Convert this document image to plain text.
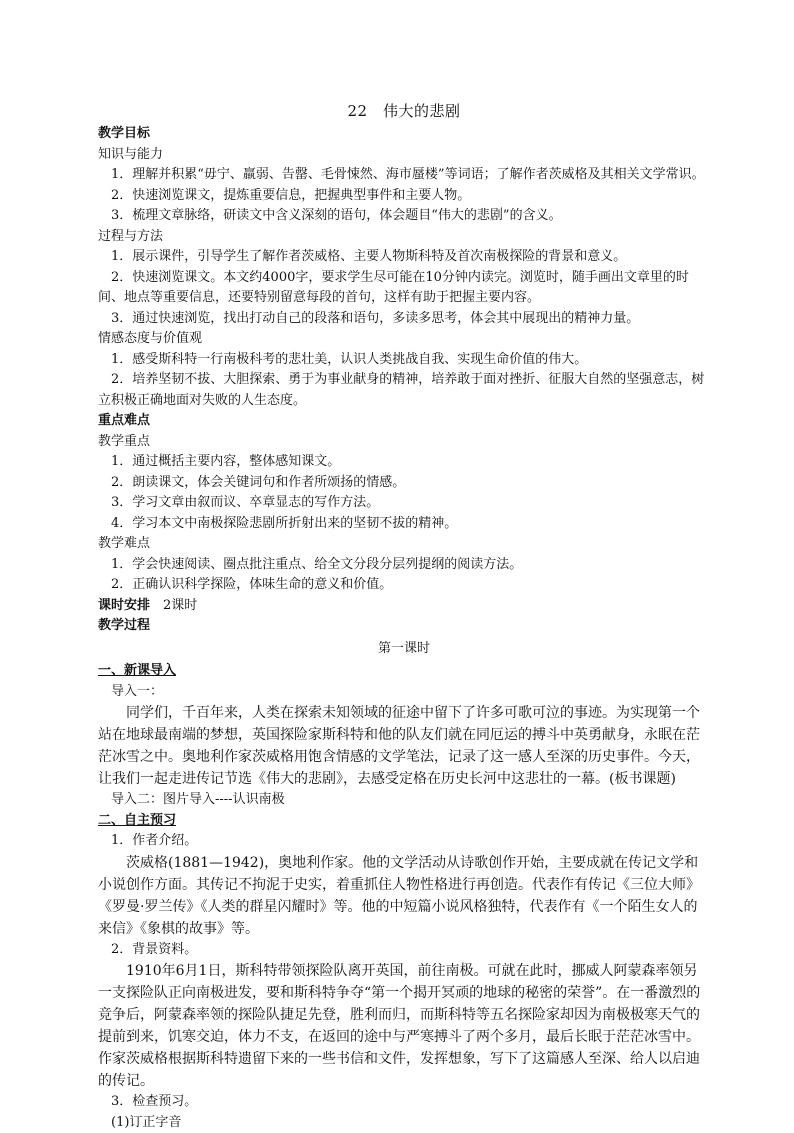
22　伟大的悲剧
教学目标
知识与能力
1．理解并积累“毋宁、羸弱、告罄、毛骨悚然、海市蜃楼”等词语；了解作者茨威格及其相关文学常识。
2．快速浏览课文，提炼重要信息，把握典型事件和主要人物。
3．梳理文章脉络，研读文中含义深刻的语句，体会题目“伟大的悲剧”的含义。
过程与方法
1．展示课件，引导学生了解作者茨威格、主要人物斯科特及首次南极探险的背景和意义。
2．快速浏览课文。本文约4000字，要求学生尽可能在10分钟内读完。浏览时，随手画出文章里的时间、地点等重要信息，还要特别留意每段的首句，这样有助于把握主要内容。
3．通过快速浏览，找出打动自己的段落和语句，多读多思考，体会其中展现出的精神力量。
情感态度与价值观
1．感受斯科特一行南极科考的悲壮美，认识人类挑战自我、实现生命价值的伟大。
2．培养坚韧不拔、大胆探索、勇于为事业献身的精神，培养敢于面对挫折、征服大自然的坚强意志，树立积极正确地面对失败的人生态度。
重点难点
教学重点
1．通过概括主要内容，整体感知课文。
2．朗读课文，体会关键词句和作者所颂扬的情感。
3．学习文章由叙而议、卒章显志的写作方法。
4．学习本文中南极探险悲剧所折射出来的坚韧不拔的精神。
教学难点
1．学会快速阅读、圈点批注重点、给全文分段分层列提纲的阅读方法。
2．正确认识科学探险，体味生命的意义和价值。
课时安排　2课时
教学过程
第一课时
一、新课导入
导入一：
同学们，千百年来，人类在探索未知领域的征途中留下了许多可歌可泣的事迹。为实现第一个站在地球最南端的梦想，英国探险家斯科特和他的队友们就在同厄运的搏斗中英勇献身，永眠在茫茫冰雪之中。奥地利作家茨威格用饱含情感的文学笔法，记录了这一感人至深的历史事件。今天，让我们一起走进传记节选《伟大的悲剧》，去感受定格在历史长河中这悲壮的一幕。(板书课题)
导入二：图片导入----认识南极
二、自主预习
1．作者介绍。
茨威格(1881—1942)，奥地利作家。他的文学活动从诗歌创作开始，主要成就在传记文学和小说创作方面。其传记不拘泥于史实，着重抓住人物性格进行再创造。代表作有传记《三位大师》《罗曼·罗兰传》《人类的群星闪耀时》等。他的中短篇小说风格独特，代表作有《一个陌生女人的来信》《象棋的故事》等。
2．背景资料。
1910年6月1日，斯科特带领探险队离开英国，前往南极。可就在此时，挪威人阿蒙森率领另一支探险队正向南极进发，要和斯科特争夺“第一个揭开冥顽的地球的秘密的荣誉”。在一番激烈的竞争后，阿蒙森率领的探险队捷足先登，胜利而归，而斯科特等五名探险家却因为南极极寒天气的提前到来，饥寒交迫，体力不支，在返回的途中与严寒搏斗了两个多月，最后长眠于茫茫冰雪中。作家茨威格根据斯科特遗留下来的一些书信和文件，发挥想象，写下了这篇感人至深、给人以启迪的传记。
3．检查预习。
(1)订正字音
